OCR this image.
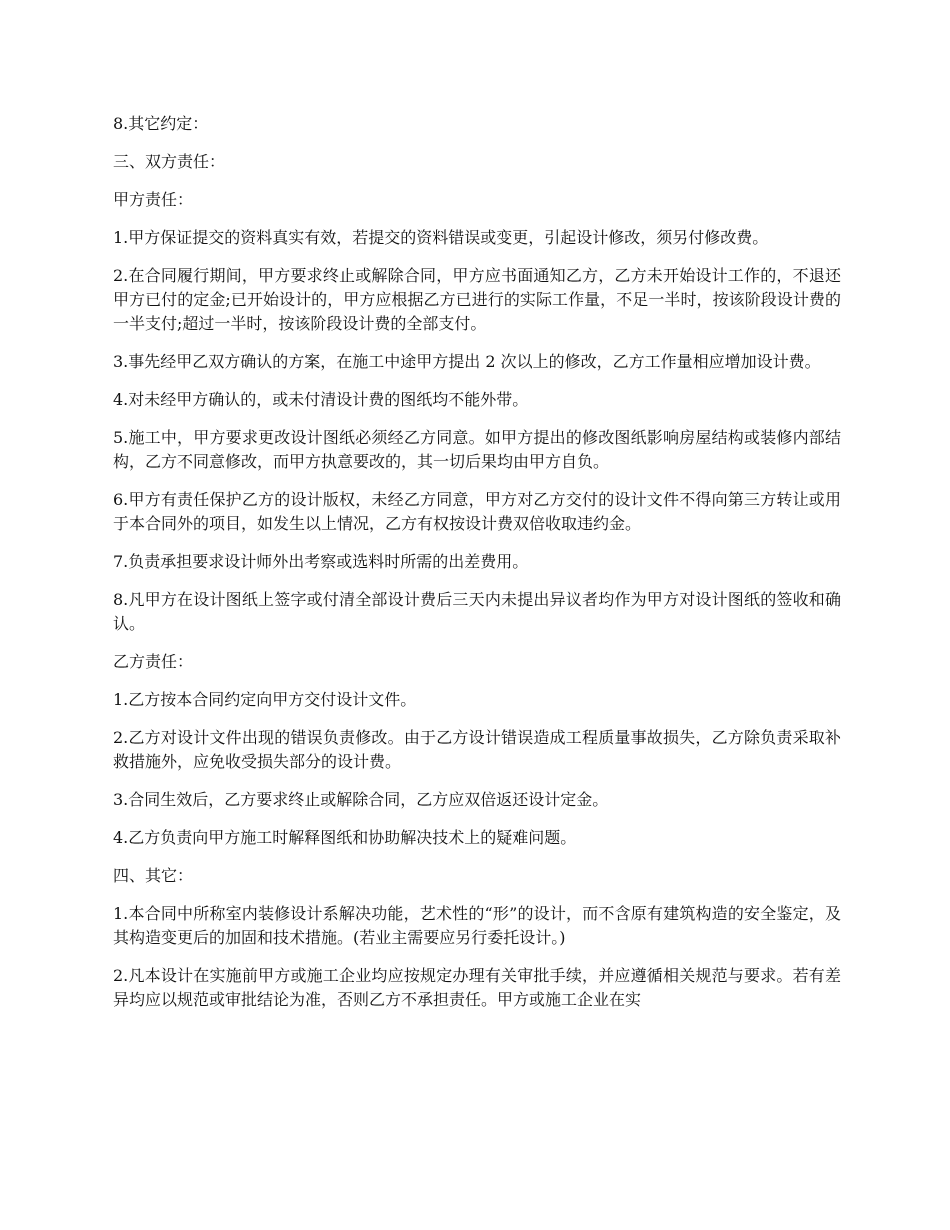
8.其它约定：

三、双方责任：

甲方责任：

1.甲方保证提交的资料真实有效，若提交的资料错误或变更，引起设计修改，须另付修改费。

2.在合同履行期间，甲方要求终止或解除合同，甲方应书面通知乙方，乙方未开始设计工作的，不退还甲方已付的定金;已开始设计的，甲方应根据乙方已进行的实际工作量，不足一半时，按该阶段设计费的一半支付;超过一半时，按该阶段设计费的全部支付。

3.事先经甲乙双方确认的方案，在施工中途甲方提出 2 次以上的修改，乙方工作量相应增加设计费。

4.对未经甲方确认的，或未付清设计费的图纸均不能外带。

5.施工中，甲方要求更改设计图纸必须经乙方同意。如甲方提出的修改图纸影响房屋结构或装修内部结构，乙方不同意修改，而甲方执意要改的，其一切后果均由甲方自负。

6.甲方有责任保护乙方的设计版权，未经乙方同意，甲方对乙方交付的设计文件不得向第三方转让或用于本合同外的项目，如发生以上情况，乙方有权按设计费双倍收取违约金。

7.负责承担要求设计师外出考察或选料时所需的出差费用。

8.凡甲方在设计图纸上签字或付清全部设计费后三天内未提出异议者均作为甲方对设计图纸的签收和确认。

乙方责任：

1.乙方按本合同约定向甲方交付设计文件。

2.乙方对设计文件出现的错误负责修改。由于乙方设计错误造成工程质量事故损失，乙方除负责采取补救措施外，应免收受损失部分的设计费。

3.合同生效后，乙方要求终止或解除合同，乙方应双倍返还设计定金。

4.乙方负责向甲方施工时解释图纸和协助解决技术上的疑难问题。

四、其它：

1.本合同中所称室内装修设计系解决功能，艺术性的“形”的设计，而不含原有建筑构造的安全鉴定，及其构造变更后的加固和技术措施。(若业主需要应另行委托设计。)

2.凡本设计在实施前甲方或施工企业均应按规定办理有关审批手续，并应遵循相关规范与要求。若有差异均应以规范或审批结论为准，否则乙方不承担责任。甲方或施工企业在实
